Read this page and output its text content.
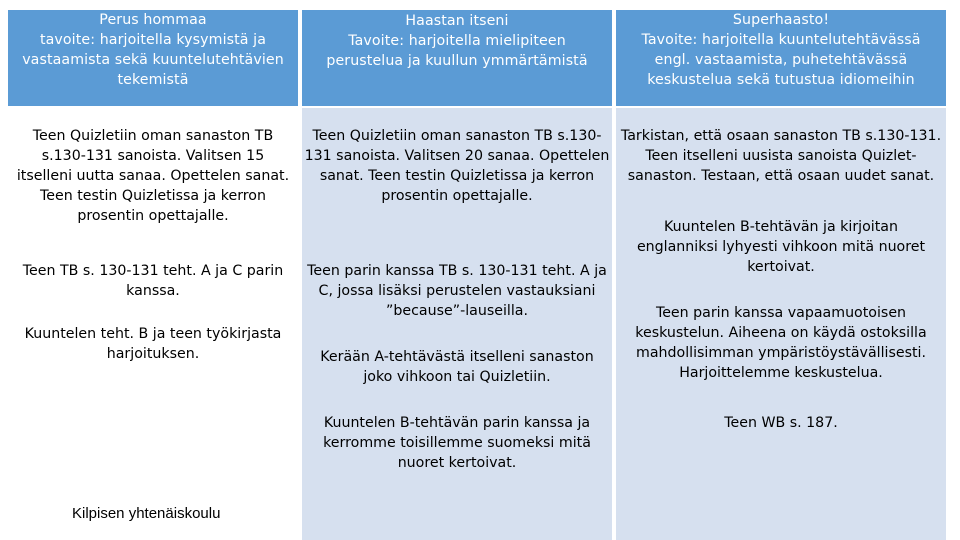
Perus hommaa
tavoite: harjoitella kysymistä ja
vastaamista sekä kuuntelutehtävien
tekemistä

Teen Quizletiin oman sanaston TB
s.130-131 sanoista. Valitsen 15
itselleni uutta sanaa. Opettelen sanat.
Teen testin Quizletissa ja kerron
prosentin opettajalle.

Teen TB s. 130-131 teht. A ja C parin
kanssa.

Kuuntelen teht. B ja teen työkirjasta
harjoituksen.

Haastan itseni
Tavoite: harjoitella mielipiteen
perustelua ja kuullun ymmärtämistä

Teen Quizletiin oman sanaston TB s.130-
131 sanoista. Valitsen 20 sanaa. Opettelen
sanat. Teen testin Quizletissa ja kerron
prosentin opettajalle.

Teen parin kanssa TB s. 130-131 teht. A ja
C, jossa lisäksi perustelen vastauksiani
”because”-lauseilla.

Kerään A-tehtävästä itselleni sanaston
joko vihkoon tai Quizletiin.

Kuuntelen B-tehtävän parin kanssa ja
kerromme toisillemme suomeksi mitä
nuoret kertoivat.

Superhaasto!
Tavoite: harjoitella kuuntelutehtävässä
engl. vastaamista, puhetehtävässä
keskustelua sekä tutustua idiomeihin

Tarkistan, että osaan sanaston TB s.130-131.
Teen itselleni uusista sanoista Quizlet-
sanaston. Testaan, että osaan uudet sanat.

Kuuntelen B-tehtävän ja kirjoitan
englanniksi lyhyesti vihkoon mitä nuoret
kertoivat.

Teen parin kanssa vapaamuotoisen
keskustelun. Aiheena on käydä ostoksilla
mahdollisimman ympäristöystävällisesti.
Harjoittelemme keskustelua.

Teen WB s. 187.

Kilpisen yhtenäiskoulu
